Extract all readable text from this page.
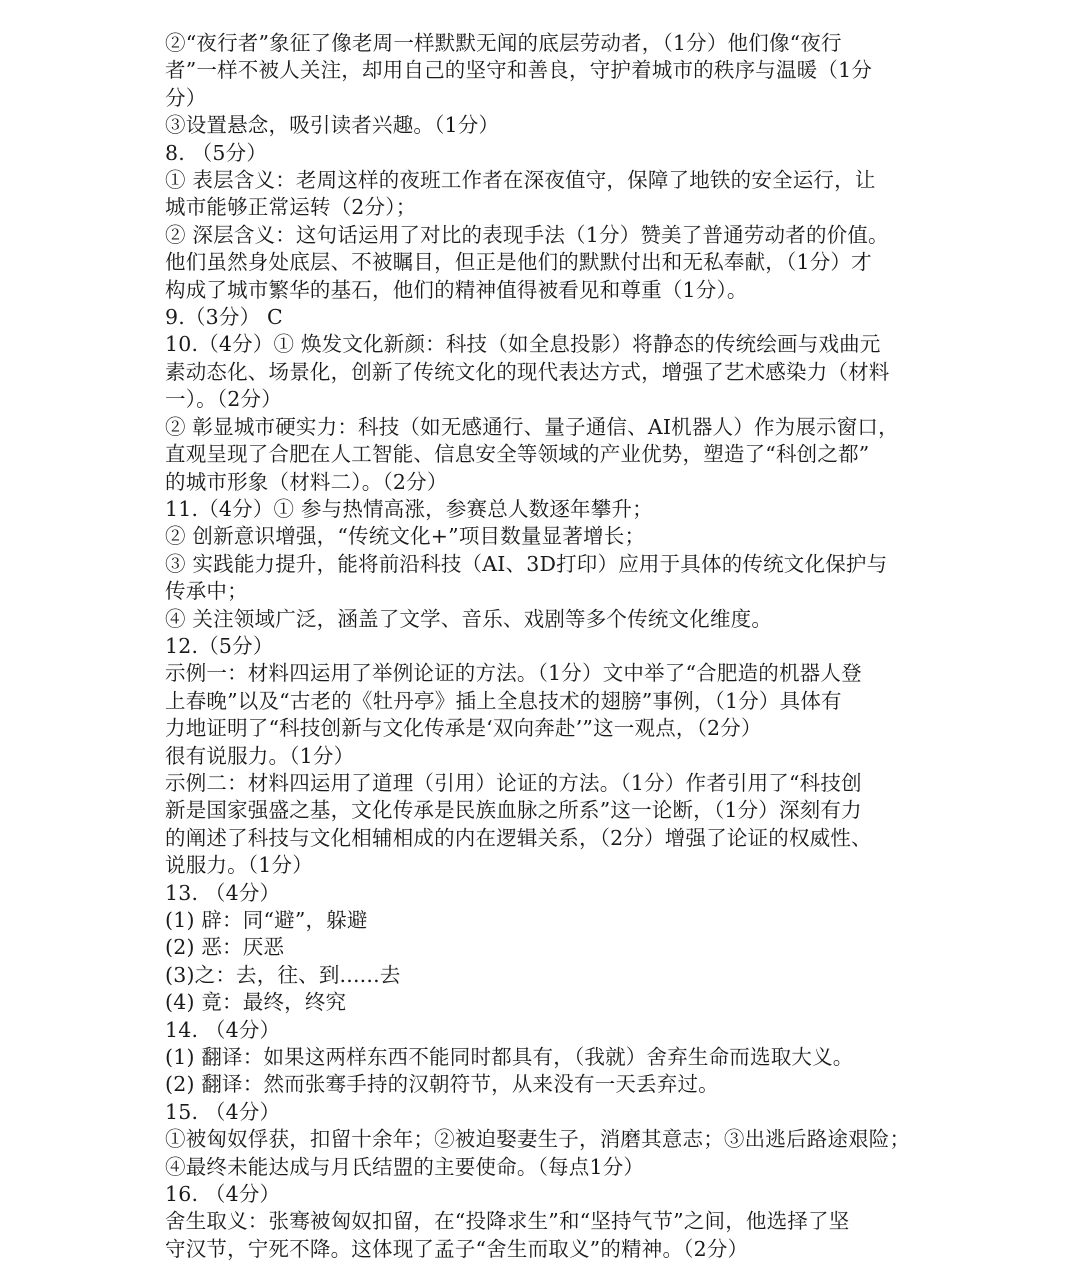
②“夜行者”象征了像老周一样默默无闻的底层劳动者，（1分）他们像“夜行
者”一样不被人关注，却用自己的坚守和善良，守护着城市的秩序与温暖（1分
分）
③设置悬念，吸引读者兴趣。（1分）
8. （5分）
① 表层含义：老周这样的夜班工作者在深夜值守，保障了地铁的安全运行，让
城市能够正常运转（2分）；
② 深层含义：这句话运用了对比的表现手法（1分）赞美了普通劳动者的价值。
他们虽然身处底层、不被瞩目，但正是他们的默默付出和无私奉献，（1分）才
构成了城市繁华的基石，他们的精神值得被看见和尊重（1分）。
9.（3分） C
10.（4分）① 焕发文化新颜：科技（如全息投影）将静态的传统绘画与戏曲元
素动态化、场景化，创新了传统文化的现代表达方式，增强了艺术感染力（材料
一）。（2分）
② 彰显城市硬实力：科技（如无感通行、量子通信、AI机器人）作为展示窗口，
直观呈现了合肥在人工智能、信息安全等领域的产业优势，塑造了“科创之都”
的城市形象（材料二）。（2分）
11.（4分）① 参与热情高涨，参赛总人数逐年攀升；
② 创新意识增强，“传统文化+”项目数量显著增长；
③ 实践能力提升，能将前沿科技（AI、3D打印）应用于具体的传统文化保护与
传承中；
④ 关注领域广泛，涵盖了文学、音乐、戏剧等多个传统文化维度。
12.（5分）
示例一：材料四运用了举例论证的方法。（1分）文中举了“合肥造的机器人登
上春晚”以及“古老的《牡丹亭》插上全息技术的翅膀”事例，（1分）具体有
力地证明了“科技创新与文化传承是‘双向奔赴’”这一观点，（2分）
很有说服力。（1分）
示例二：材料四运用了道理（引用）论证的方法。（1分）作者引用了“科技创
新是国家强盛之基，文化传承是民族血脉之所系”这一论断，（1分）深刻有力
的阐述了科技与文化相辅相成的内在逻辑关系，（2分）增强了论证的权威性、
说服力。（1分）
13. （4分）
(1) 辟：同“避”，躲避
(2) 恶：厌恶
(3)之：去，往、到......去
(4) 竟：最终，终究
14. （4分）
(1) 翻译：如果这两样东西不能同时都具有，（我就）舍弃生命而选取大义。
(2) 翻译：然而张骞手持的汉朝符节，从来没有一天丢弃过。
15. （4分）
①被匈奴俘获，扣留十余年；②被迫娶妻生子，消磨其意志；③出逃后路途艰险；
④最终未能达成与月氏结盟的主要使命。（每点1分）
16. （4分）
舍生取义：张骞被匈奴扣留，在“投降求生”和“坚持气节”之间，他选择了坚
守汉节，宁死不降。这体现了孟子“舍生而取义”的精神。（2分）
